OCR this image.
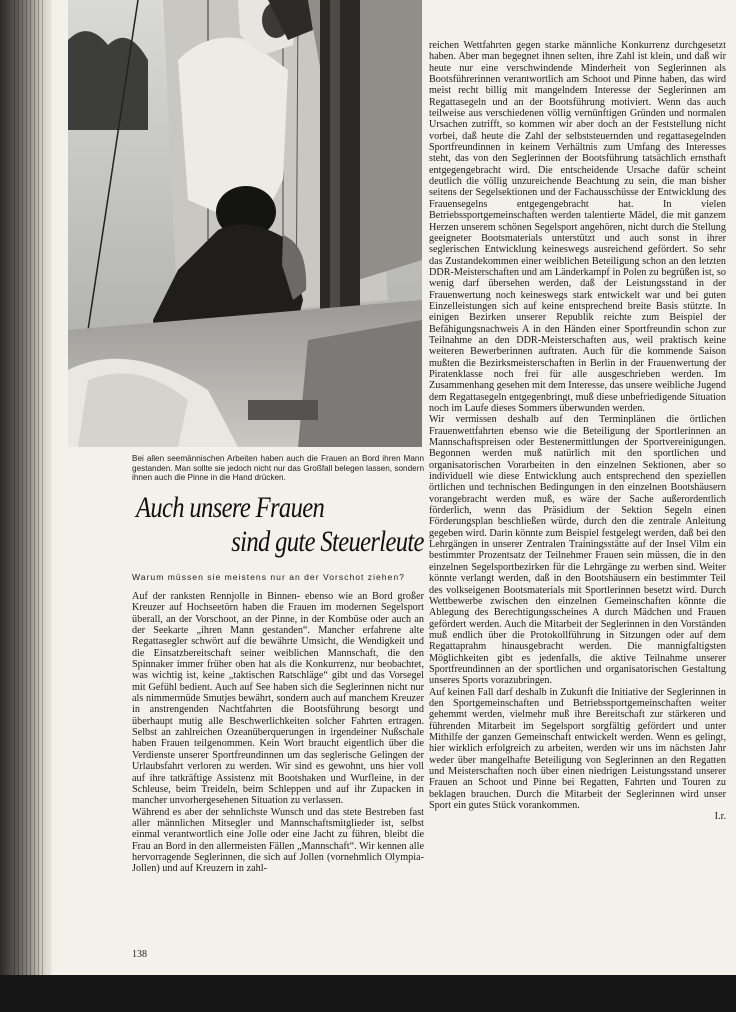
Bei allen seemännischen Arbeiten haben auch die Frauen an Bord ihren Mann gestanden. Man sollte sie jedoch nicht nur das Großfall belegen lassen, sondern ihnen auch die Pinne in die Hand drücken.

Auch unsere Frauen
sind gute Steuerleute

Warum müssen sie meistens nur an der Vorschot ziehen?

Auf der ranksten Rennjolle in Binnen- ebenso wie an Bord großer Kreuzer auf Hochseetörn haben die Frauen im modernen Segelsport überall, an der Vorschoot, an der Pinne, in der Kombüse oder auch an der Seekarte „ihren Mann gestanden“. Mancher erfahrene alte Regattasegler schwört auf die bewährte Umsicht, die Wendigkeit und die Einsatzbereitschaft seiner weiblichen Mannschaft, die den Spinnaker immer früher oben hat als die Konkurrenz, nur beobachtet, was wichtig ist, keine „taktischen Ratschläge“ gibt und das Vorsegel mit Gefühl bedient. Auch auf See haben sich die Seglerinnen nicht nur als nimmermüde Smutjes bewährt, sondern auch auf manchem Kreuzer in anstrengenden Nachtfahrten die Bootsführung besorgt und überhaupt mutig alle Beschwerlichkeiten solcher Fahrten ertragen. Selbst an zahlreichen Ozeanüberquerungen in irgendeiner Nußschale haben Frauen teilgenommen. Kein Wort braucht eigentlich über die Verdienste unserer Sportfreundinnen um das seglerische Gelingen der Urlaubsfahrt verloren zu werden. Wir sind es gewohnt, uns hier voll auf ihre tatkräftige Assistenz mit Bootshaken und Wurfleine, in der Schleuse, beim Treideln, beim Schleppen und auf ihr Zupacken in mancher unvorhergesehenen Situation zu verlassen.

Während es aber der sehnlichste Wunsch und das stete Bestreben fast aller männlichen Mitsegler und Mannschaftsmitglieder ist, selbst einmal verantwortlich eine Jolle oder eine Jacht zu führen, bleibt die Frau an Bord in den allermeisten Fällen „Mannschaft“. Wir kennen alle hervorragende Seglerinnen, die sich auf Jollen (vornehmlich Olympia-Jollen) und auf Kreuzern in zahl-

reichen Wettfahrten gegen starke männliche Konkurrenz durchgesetzt haben. Aber man begegnet ihnen selten, ihre Zahl ist klein, und daß wir heute nur eine verschwindende Minderheit von Seglerinnen als Bootsführerinnen verantwortlich am Schoot und Pinne haben, das wird meist recht billig mit mangelndem Interesse der Seglerinnen am Regattasegeln und an der Bootsführung motiviert. Wenn das auch teilweise aus verschiedenen völlig vernünftigen Gründen und normalen Ursachen zutrifft, so kommen wir aber doch an der Feststellung nicht vorbei, daß heute die Zahl der selbststeuernden und regattasegelnden Sportfreundinnen in keinem Verhältnis zum Umfang des Interesses steht, das von den Seglerinnen der Bootsführung tatsächlich ernsthaft entgegengebracht wird. Die entscheidende Ursache dafür scheint deutlich die völlig unzureichende Beachtung zu sein, die man bisher seitens der Segelsektionen und der Fachausschüsse der Entwicklung des Frauensegelns entgegengebracht hat. In vielen Betriebssportgemeinschaften werden talentierte Mädel, die mit ganzem Herzen unserem schönen Segelsport angehören, nicht durch die Stellung geeigneter Bootsmaterials unterstützt und auch sonst in ihrer seglerischen Entwicklung keineswegs ausreichend gefördert. So sehr das Zustandekommen einer weiblichen Beteiligung schon an den letzten DDR-Meisterschaften und am Länderkampf in Polen zu begrüßen ist, so wenig darf übersehen werden, daß der Leistungsstand in der Frauenwertung noch keineswegs stark entwickelt war und bei guten Einzelleistungen sich auf keine entsprechend breite Basis stützte. In einigen Bezirken unserer Republik reichte zum Beispiel der Befähigungsnachweis A in den Händen einer Sportfreundin schon zur Teilnahme an den DDR-Meisterschaften aus, weil praktisch keine weiteren Bewerberinnen auftraten. Auch für die kommende Saison mußten die Bezirksmeisterschaften in Berlin in der Frauenwertung der Piratenklasse noch frei für alle ausgeschrieben werden. Im Zusammenhang gesehen mit dem Interesse, das unsere weibliche Jugend dem Regattasegeln entgegenbringt, muß diese unbefriedigende Situation noch im Laufe dieses Sommers überwunden werden.

Wir vermissen deshalb auf den Terminplänen die örtlichen Frauenwettfahrten ebenso wie die Beteiligung der Sportlerinnen an Mannschaftspreisen oder Bestenermittlungen der Sportvereinigungen. Begonnen werden muß natürlich mit den sportlichen und organisatorischen Vorarbeiten in den einzelnen Sektionen, aber so individuell wie diese Entwicklung auch entsprechend den speziellen örtlichen und technischen Bedingungen in den einzelnen Bootshäusern vorangebracht werden muß, es wäre der Sache außerordentlich förderlich, wenn das Präsidium der Sektion Segeln einen Förderungsplan beschließen würde, durch den die zentrale Anleitung gegeben wird. Darin könnte zum Beispiel festgelegt werden, daß bei den Lehrgängen in unserer Zentralen Trainingsstätte auf der Insel Vilm ein bestimmter Prozentsatz der Teilnehmer Frauen sein müssen, die in den einzelnen Segelsportbezirken für die Lehrgänge zu werben sind. Weiter könnte verlangt werden, daß in den Bootshäusern ein bestimmter Teil des volkseigenen Bootsmaterials mit Sportlerinnen besetzt wird. Durch Wettbewerbe zwischen den einzelnen Gemeinschaften könnte die Ablegung des Berechtigungsscheines A durch Mädchen und Frauen gefördert werden. Auch die Mitarbeit der Seglerinnen in den Vorständen muß endlich über die Protokollführung in Sitzungen oder auf dem Regattaprahm hinausgebracht werden. Die mannigfaltigsten Möglichkeiten gibt es jedenfalls, die aktive Teilnahme unserer Sportfreundinnen an der sportlichen und organisatorischen Gestaltung unseres Sports vorazubringen.

Auf keinen Fall darf deshalb in Zukunft die Initiative der Seglerinnen in den Sportgemeinschaften und Betriebssportgemeinschaften weiter gehemmt werden, vielmehr muß ihre Bereitschaft zur stärkeren und führenden Mitarbeit im Segelsport sorgfältig gefördert und unter Mithilfe der ganzen Gemeinschaft entwickelt werden. Wenn es gelingt, hier wirklich erfolgreich zu arbeiten, werden wir uns im nächsten Jahr weder über mangelhafte Beteiligung von Seglerinnen an den Regatten und Meisterschaften noch über einen niedrigen Leistungsstand unserer Frauen an Schoot und Pinne bei Regatten, Fahrten und Touren zu beklagen brauchen. Durch die Mitarbeit der Seglerinnen wird unser Sport ein gutes Stück vorankommen.

I.r.

138
